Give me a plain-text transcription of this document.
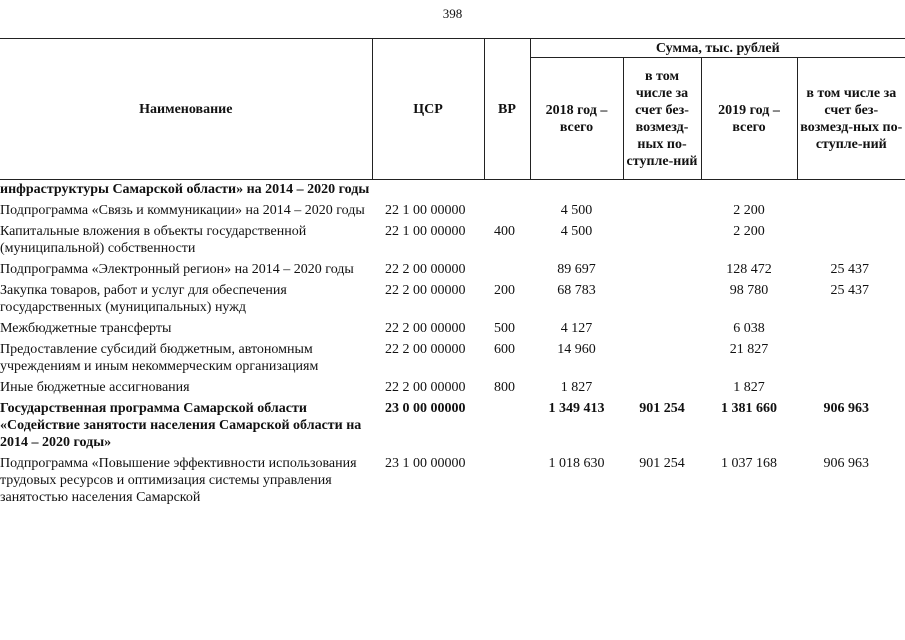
398
Наименование	ЦСР	ВР	Сумма, тыс. рублей			
			2018 год – всего	в том числе за счет без-возмезд-ных по-ступле-ний	2019 год – всего	в том числе за счет без-возмезд-ных по-ступле-ний
инфраструктуры Самарской области» на 2014 – 2020 годы						
Подпрограмма «Связь и коммуникации» на 2014 – 2020 годы	22 1 00 00000		4 500		2 200	
Капитальные вложения в объекты государственной (муниципальной) собственности	22 1 00 00000	400	4 500		2 200	
Подпрограмма «Электронный регион» на 2014 – 2020 годы	22 2 00 00000		89 697		128 472	25 437
Закупка товаров, работ и услуг для обеспечения государственных (муниципальных) нужд	22 2 00 00000	200	68 783		98 780	25 437
Межбюджетные трансферты	22 2 00 00000	500	4 127		6 038	
Предоставление субсидий бюджетным, автономным учреждениям и иным некоммерческим организациям	22 2 00 00000	600	14 960		21 827	
Иные бюджетные ассигнования	22 2 00 00000	800	1 827		1 827	
Государственная программа Самарской области «Содействие занятости населения Самарской области на 2014 – 2020 годы»	23 0 00 00000		1 349 413	901 254	1 381 660	906 963
Подпрограмма «Повышение эффективности использования трудовых ресурсов и оптимизация системы управления занятостью населения Самарской	23 1 00 00000		1 018 630	901 254	1 037 168	906 963
